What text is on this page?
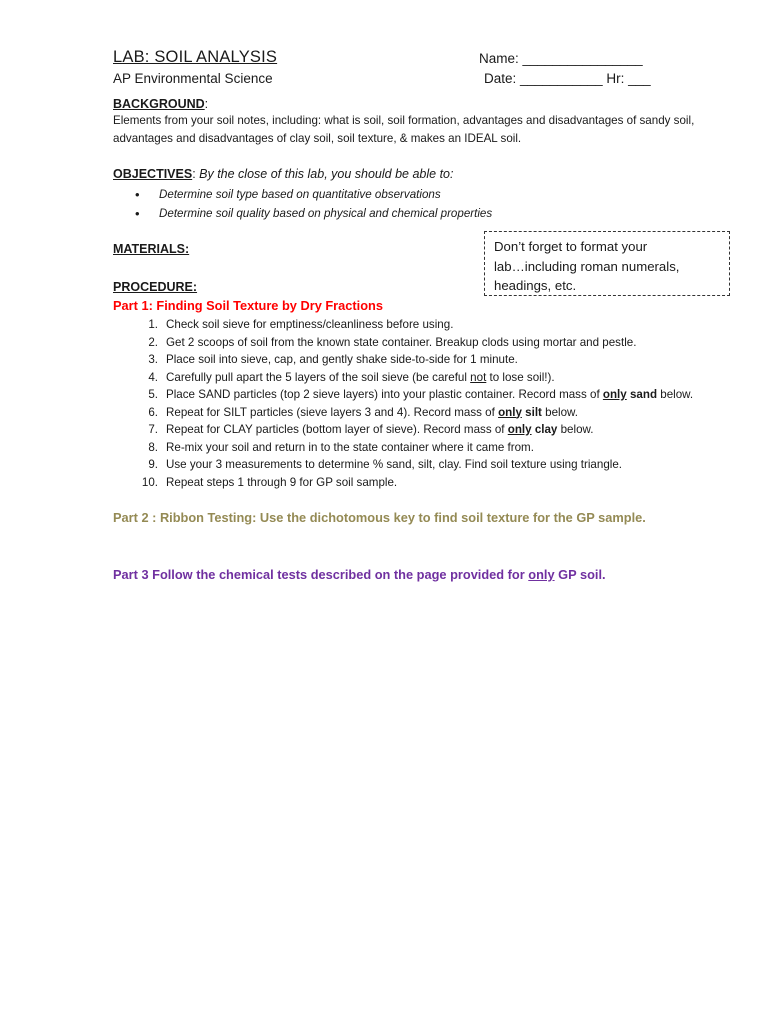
LAB: SOIL ANALYSIS
AP Environmental Science
Name: ________________
Date: ___________ Hr: ___
BACKGROUND:
Elements from your soil notes, including: what is soil, soil formation, advantages and disadvantages of sandy soil, advantages and disadvantages of clay soil, soil texture, & makes an IDEAL soil.
OBJECTIVES: By the close of this lab, you should be able to:
• Determine soil type based on quantitative observations
• Determine soil quality based on physical and chemical properties
MATERIALS:	Don’t forget to format your
lab…including roman numerals,
headings, etc.
PROCEDURE:
Part 1: Finding Soil Texture by Dry Fractions
1. Check soil sieve for emptiness/cleanliness before using.
2. Get 2 scoops of soil from the known state container. Breakup clods using mortar and pestle.
3. Place soil into sieve, cap, and gently shake side-to-side for 1 minute.
4. Carefully pull apart the 5 layers of the soil sieve (be careful not to lose soil!).
5. Place SAND particles (top 2 sieve layers) into your plastic container. Record mass of only sand below.
6. Repeat for SILT particles (sieve layers 3 and 4). Record mass of only silt below.
7. Repeat for CLAY particles (bottom layer of sieve). Record mass of only clay below.
8. Re-mix your soil and return in to the state container where it came from.
9. Use your 3 measurements to determine % sand, silt, clay. Find soil texture using triangle.
10. Repeat steps 1 through 9 for GP soil sample.
Part 2 : Ribbon Testing: Use the dichotomous key to find soil texture for the GP sample.
Part 3 Follow the chemical tests described on the page provided for only GP soil.
